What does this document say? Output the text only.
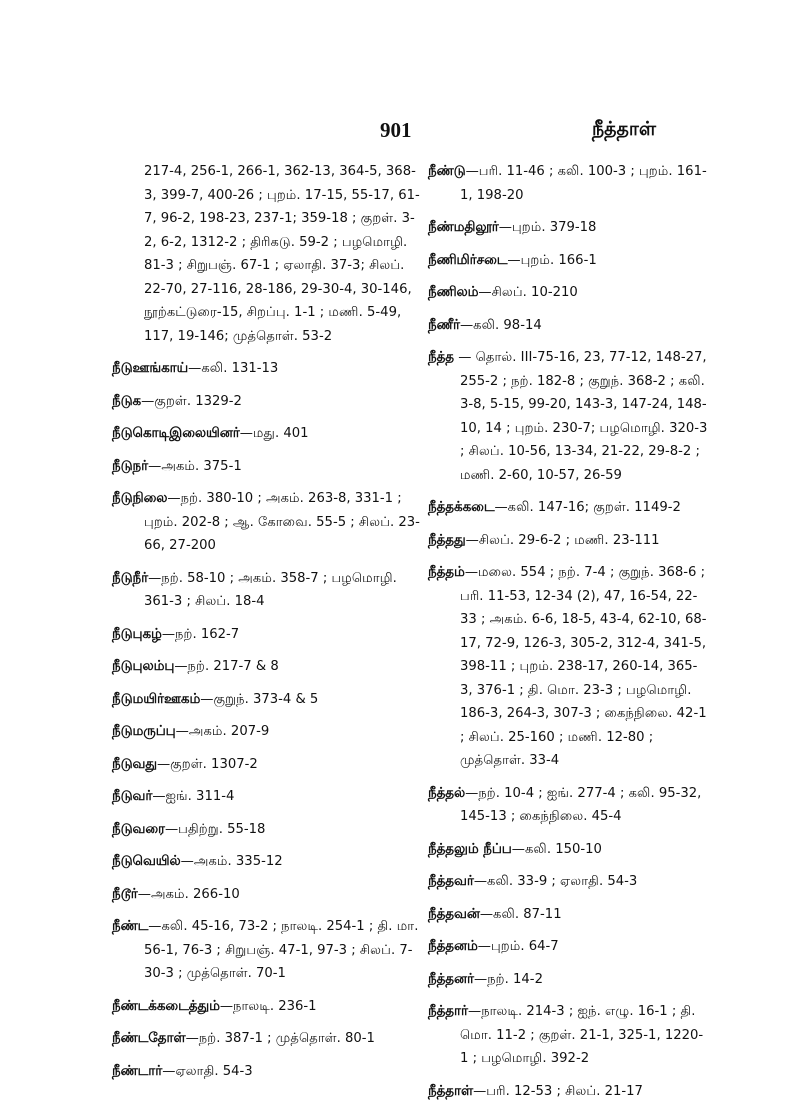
901	நீத்தாள்

217-4, 256-1, 266-1, 362-13, 364-5, 368-3, 399-7, 400-26 ; புறம். 17-15, 55-17, 61-7, 96-2, 198-23, 237-1; 359-18 ; குறள். 3-2, 6-2, 1312-2 ; திரிகடு. 59-2 ; பழமொழி. 81-3 ; சிறுபஞ். 67-1 ; ஏலாதி. 37-3; சிலப். 22-70, 27-116, 28-186, 29-30-4, 30-146, நூற்கட்டுரை-15, சிறப்பு. 1-1 ; மணி. 5-49, 117, 19-146; முத்தொள். 53-2

நீடுஊங்காய்—கலி. 131-13

நீடுக—குறள். 1329-2

நீடுகொடிஇலையினர்—மது. 401

நீடுநர்—அகம். 375-1

நீடுநிலை—நற். 380-10 ; அகம். 263-8, 331-1 ; புறம். 202-8 ; ஆ. கோவை. 55-5 ; சிலப். 23-66, 27-200

நீடுநீர்—நற். 58-10 ; அகம். 358-7 ; பழமொழி. 361-3 ; சிலப். 18-4

நீடுபுகழ்—நற். 162-7

நீடுபுலம்பு—நற். 217-7 & 8

நீடுமயிர்ஊகம்—குறுந். 373-4 & 5

நீடுமருப்பு—அகம். 207-9

நீடுவது—குறள். 1307-2

நீடுவர்—ஐங். 311-4

நீடுவரை—பதிற்று. 55-18

நீடுவெயில்—அகம். 335-12

நீடூர்—அகம். 266-10

நீண்ட—கலி. 45-16, 73-2 ; நாலடி. 254-1 ; தி. மா. 56-1, 76-3 ; சிறுபஞ். 47-1, 97-3 ; சிலப். 7-30-3 ; முத்தொள். 70-1

நீண்டக்கடைத்தும்—நாலடி. 236-1

நீண்டதோள்—நற். 387-1 ; முத்தொள். 80-1

நீண்டார்—ஏலாதி. 54-3

நீண்டு—பரி. 11-46 ; கலி. 100-3 ; புறம். 161-1, 198-20

நீண்மதிலூர்—புறம். 379-18

நீணிமிர்சடை—புறம். 166-1

நீணிலம்—சிலப். 10-210

நீணீர்—கலி. 98-14

நீத்த — தொல். III-75-16, 23, 77-12, 148-27, 255-2 ; நற். 182-8 ; குறுந். 368-2 ; கலி. 3-8, 5-15, 99-20, 143-3, 147-24, 148-10, 14 ; புறம். 230-7; பழமொழி. 320-3 ; சிலப். 10-56, 13-34, 21-22, 29-8-2 ; மணி. 2-60, 10-57, 26-59

நீத்தக்கடை—கலி. 147-16; குறள். 1149-2

நீத்தது—சிலப். 29-6-2 ; மணி. 23-111

நீத்தம்—மலை. 554 ; நற். 7-4 ; குறுந். 368-6 ; பரி. 11-53, 12-34 (2), 47, 16-54, 22-33 ; அகம். 6-6, 18-5, 43-4, 62-10, 68-17, 72-9, 126-3, 305-2, 312-4, 341-5, 398-11 ; புறம். 238-17, 260-14, 365-3, 376-1 ; தி. மொ. 23-3 ; பழமொழி. 186-3, 264-3, 307-3 ; கைந்நிலை. 42-1 ; சிலப். 25-160 ; மணி. 12-80 ; முத்தொள். 33-4

நீத்தல்—நற். 10-4 ; ஐங். 277-4 ; கலி. 95-32, 145-13 ; கைந்நிலை. 45-4

நீத்தலும் நீப்ப—கலி. 150-10

நீத்தவர்—கலி. 33-9 ; ஏலாதி. 54-3

நீத்தவன்—கலி. 87-11

நீத்தனம்—புறம். 64-7

நீத்தனர்—நற். 14-2

நீத்தார்—நாலடி. 214-3 ; ஐந். எழு. 16-1 ; தி. மொ. 11-2 ; குறள். 21-1, 325-1, 1220-1 ; பழமொழி. 392-2

நீத்தாள்—பரி. 12-53 ; சிலப். 21-17
